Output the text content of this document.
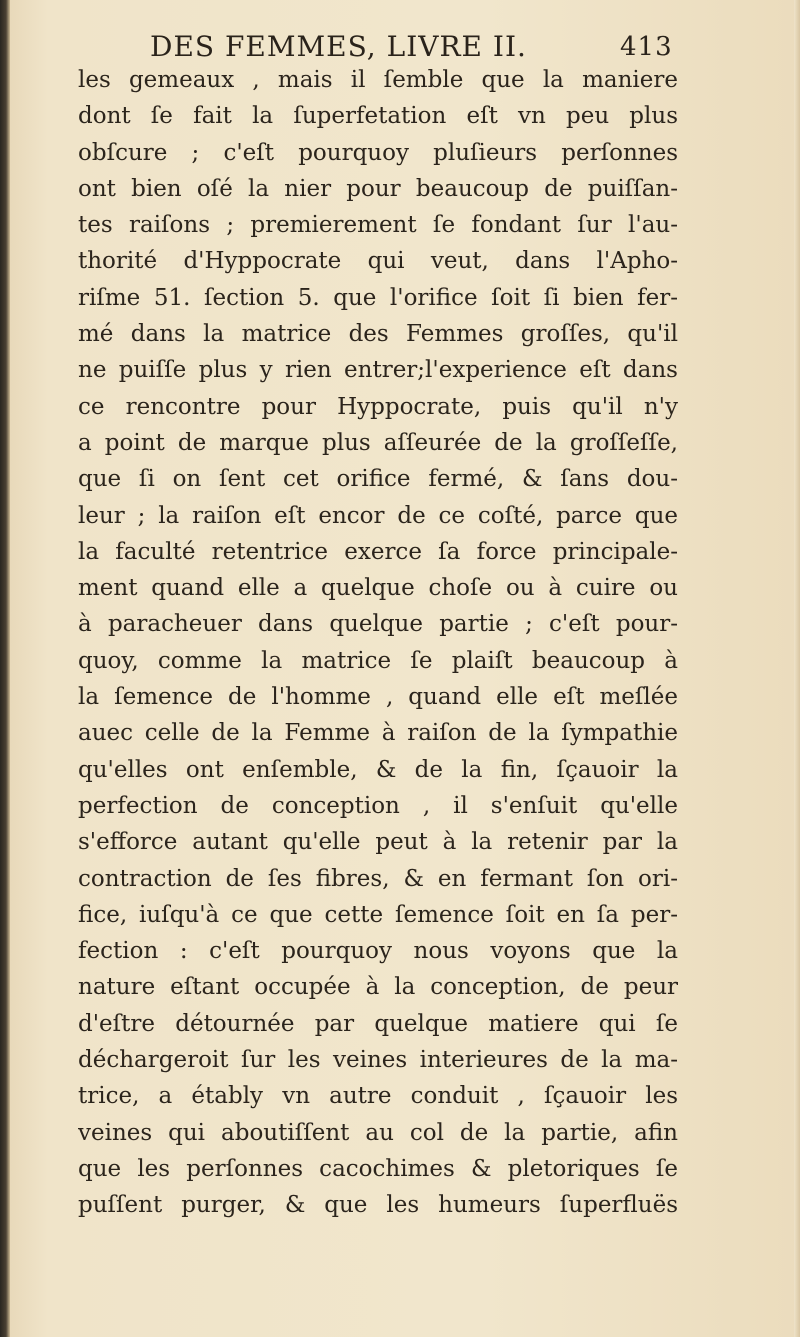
DES FEMMES, LIVRE II.	413
les gemeaux , mais il ſemble que la maniere
dont ſe fait la ſuperfetation eſt vn peu plus
obſcure ; c'eſt pourquoy pluſieurs perſonnes
ont bien oſé la nier pour beaucoup de puiſſan-
tes raiſons ; premierement ſe fondant ſur l'au-
thorité d'Hyppocrate qui veut, dans l'Apho-
riſme 51. ſection 5. que l'orifice ſoit ſi bien fer-
mé dans la matrice des Femmes groſſes, qu'il
ne puiſſe plus y rien entrer;l'experience eſt dans
ce rencontre pour Hyppocrate, puis qu'il n'y
a point de marque plus aſſeurée de la groſſeſſe,
que ſi on ſent cet orifice fermé, & ſans dou-
leur ; la raiſon eſt encor de ce coſté, parce que
la faculté retentrice exerce ſa force principale-
ment quand elle a quelque choſe ou à cuire ou
à paracheuer dans quelque partie ; c'eſt pour-
quoy, comme la matrice ſe plaiſt beaucoup à
la ſemence de l'homme , quand elle eſt meſlée
auec celle de la Femme à raiſon de la ſympathie
qu'elles ont enſemble, & de la fin, ſçauoir la
perfection de conception , il s'enſuit qu'elle
s'efforce autant qu'elle peut à la retenir par la
contraction de ſes fibres, & en fermant ſon ori-
fice, iuſqu'à ce que cette ſemence ſoit en ſa per-
fection : c'eſt pourquoy nous voyons que la
nature eſtant occupée à la conception, de peur
d'eſtre détournée par quelque matiere qui ſe
déchargeroit ſur les veines interieures de la ma-
trice, a étably vn autre conduit , ſçauoir les
veines qui aboutiſſent au col de la partie, afin
que les perſonnes cacochimes & pletoriques ſe
puſſent purger, & que les humeurs ſuperfluës
